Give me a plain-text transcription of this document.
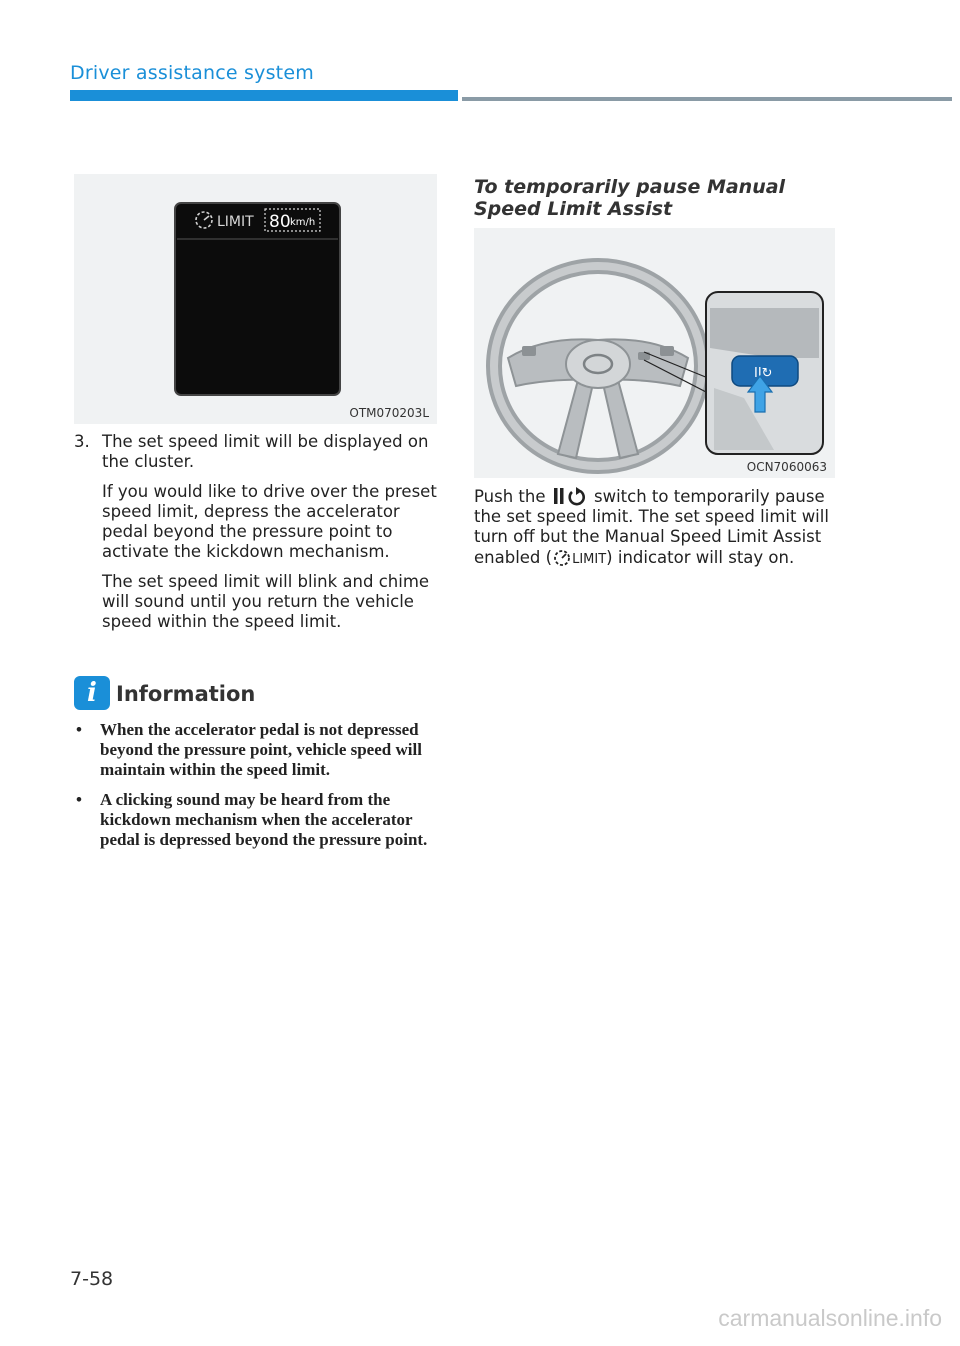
Driver assistance system
LIMIT 80 km/h
OTM070203L
3. The set speed limit will be displayed on the cluster.

If you would like to drive over the preset speed limit, depress the accelerator pedal beyond the pressure point to activate the kickdown mechanism.

The set speed limit will blink and chime will sound until you return the vehicle speed within the speed limit.

i Information
• When the accelerator pedal is not depressed beyond the pressure point, vehicle speed will maintain within the speed limit.
• A clicking sound may be heard from the kickdown mechanism when the accelerator pedal is depressed beyond the pressure point.
To temporarily pause Manual Speed Limit Assist
II↻
OCN7060063

Push the	switch to temporarily pause the set speed limit. The set speed limit will turn off but the Manual Speed Limit Assist enabled ( LIMIT) indicator will stay on.

7-58
carmanualsonline.info
